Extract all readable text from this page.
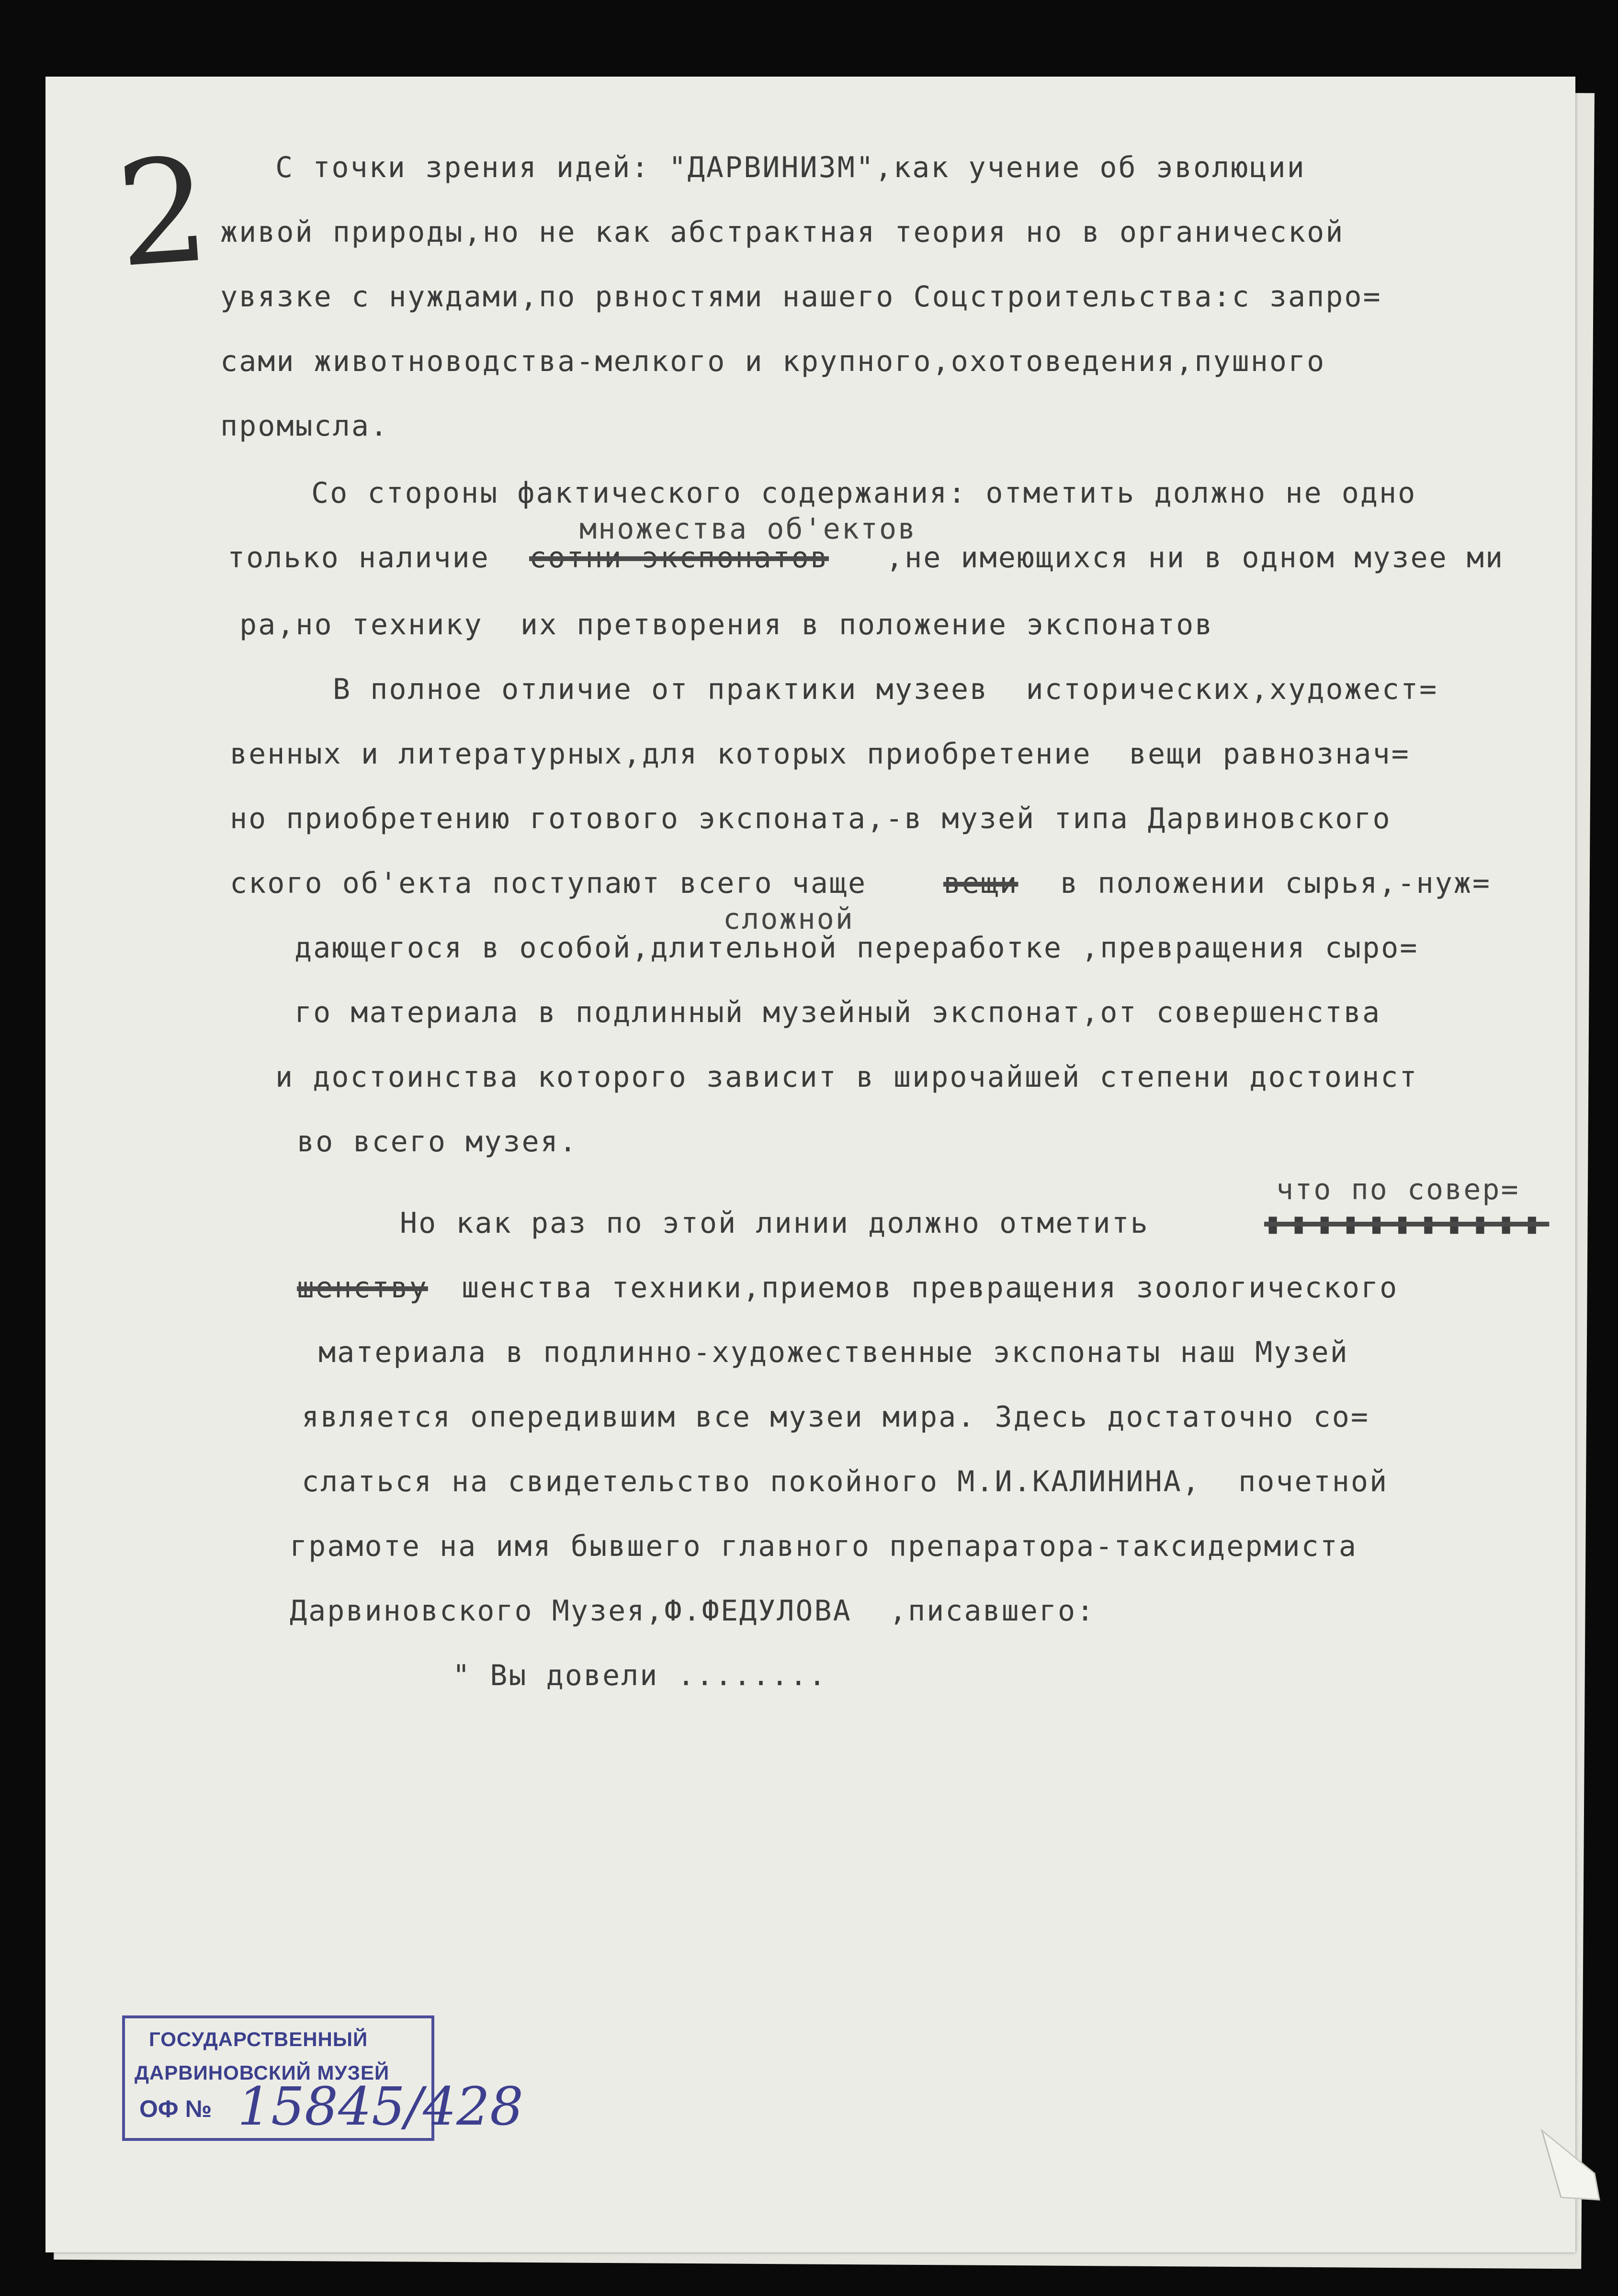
2 С точки зрения идей: "ДАРВИНИЗМ",как учение об эволюции
живой природы,но не как абстрактная теория но в органической
увязке с нуждами,по рвностями нашего Соцстроительства:с запро=
сами животноводства-мелкого и крупного,охотоведения,пушного
промысла.
Со стороны фактического содержания: отметить должно не одно
множества об'ектов
только наличие сотни экспонатов ,не имеющихся ни в одном музее ми
ра,но технику  их претворения в положение экспонатов
В полное отличие от практики музеев  исторических,художест=
венных и литературных,для которых приобретение  вещи равнознач=
но приобретению готового экспоната,-в музей типа Дарвиновского
ского об'екта поступают всего чаще	вещи в положении сырья,-нуж=
сложной
дающегося в особой,длительной переработке ,превращения сыро=
го материала в подлинный музейный экспонат,от совершенства
и достоинства которого зависит в широчайшей степени достоинст
во всего музея.
что по совер=
Но как раз по этой линии должно отметить	▮▮▮▮▮▮▮▮▮▮▮
шенству шенства техники,приемов превращения зоологического
материала в подлинно-художественные экспонаты наш Музей
является опередившим все музеи мира. Здесь достаточно со=
слаться на свидетельство покойного М.И.КАЛИНИНА,  почетной
грамоте на имя бывшего главного препаратора-таксидермиста
Дарвиновского Музея,Ф.ФЕДУЛОВА  ,писавшего:
" Вы довели ........
ГОСУДАРСТВЕННЫЙ
ДАРВИНОВСКИЙ МУЗЕЙ
ОФ № 15845/428
